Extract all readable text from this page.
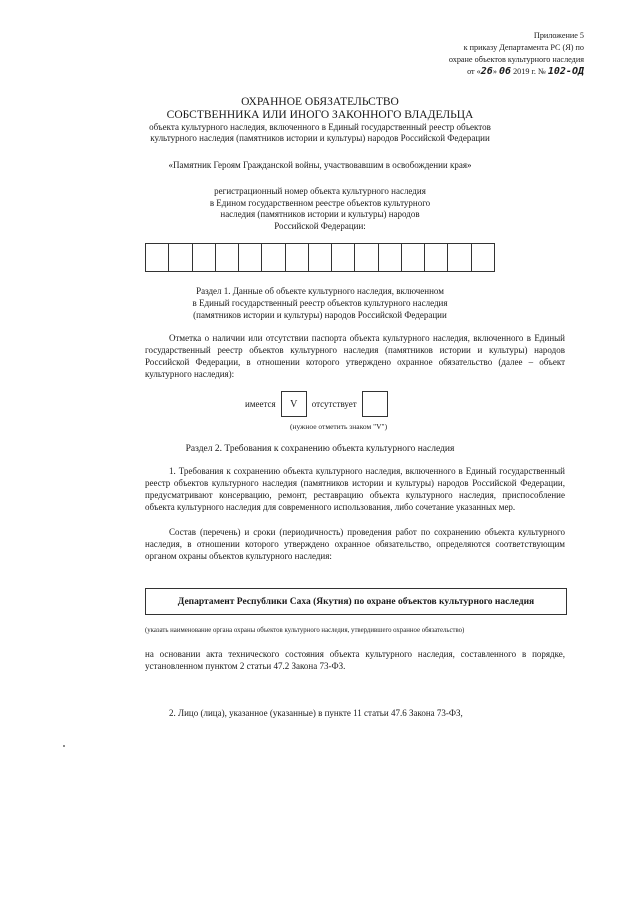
Приложение 5
к приказу Департамента РС (Я) по
охране объектов культурного наследия
от «26» 06 2019 г. № 102-ОД
ОХРАННОЕ ОБЯЗАТЕЛЬСТВО
СОБСТВЕННИКА ИЛИ ИНОГО ЗАКОННОГО ВЛАДЕЛЬЦА
объекта культурного наследия, включенного в Единый государственный реестр объектов
культурного наследия (памятников истории и культуры) народов Российской Федерации
«Памятник Героям Гражданской войны, участвовавшим в освобождении края»
регистрационный номер объекта культурного наследия
в Едином государственном реестре объектов культурного
наследия (памятников истории и культуры) народов
Российской Федерации:
Раздел 1. Данные об объекте культурного наследия, включенном
в Единый государственный реестр объектов культурного наследия
(памятников истории и культуры) народов Российской Федерации
Отметка о наличии или отсутствии паспорта объекта культурного наследия, включенного в Единый государственный реестр объектов культурного наследия (памятников истории и культуры) народов Российской Федерации, в отношении которого утверждено охранное обязательство (далее – объект культурного наследия):
имеется	V	отсутствует
(нужное отметить знаком "V")
Раздел 2. Требования к сохранению объекта культурного наследия
1. Требования к сохранению объекта культурного наследия, включенного в Единый государственный реестр объектов культурного наследия (памятников истории и культуры) народов Российской Федерации, предусматривают консервацию, ремонт, реставрацию объекта культурного наследия, приспособление объекта культурного наследия для современного использования, либо сочетание указанных мер.
Состав (перечень) и сроки (периодичность) проведения работ по сохранению объекта культурного наследия, в отношении которого утверждено охранное обязательство, определяются соответствующим органом охраны объектов культурного наследия:
Департамент Республики Саха (Якутия) по охране объектов культурного наследия
(указать наименование органа охраны объектов культурного наследия, утвердившего охранное обязательство)
на основании акта технического состояния объекта культурного наследия, составленного в порядке, установленном пунктом 2 статьи 47.2 Закона 73-ФЗ.
2. Лицо (лица), указанное (указанные) в пункте 11 статьи 47.6 Закона 73-ФЗ,
